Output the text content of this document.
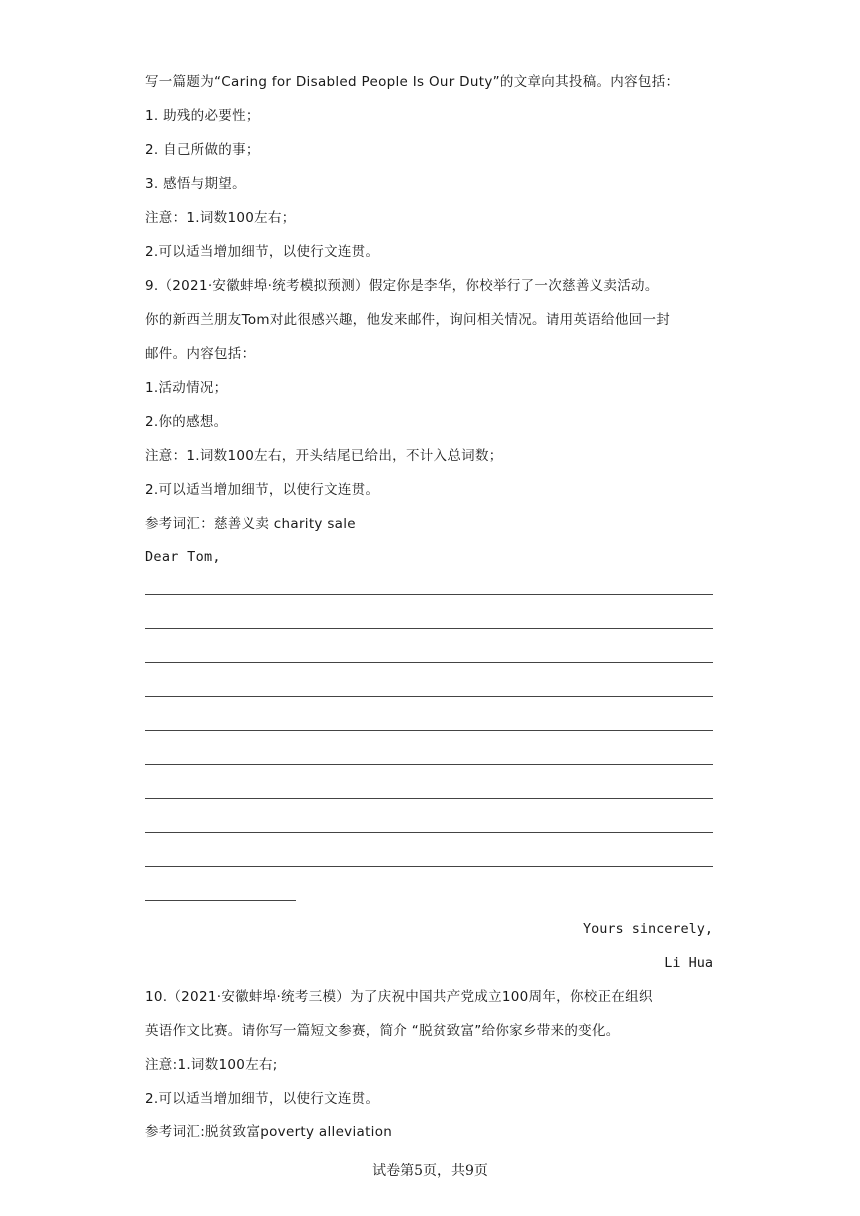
写一篇题为“Caring for Disabled People Is Our Duty”的文章向其投稿。内容包括：
1. 助残的必要性；
2. 自己所做的事；
3. 感悟与期望。
注意：1.词数100左右；
2.可以适当增加细节，以使行文连贯。
9.（2021·安徽蚌埠·统考模拟预测）假定你是李华，你校举行了一次慈善义卖活动。
你的新西兰朋友Tom对此很感兴趣，他发来邮件，询问相关情况。请用英语给他回一封
邮件。内容包括：
1.活动情况；
2.你的感想。
注意：1.词数100左右，开头结尾已给出，不计入总词数；
2.可以适当增加细节，以使行文连贯。
参考词汇：慈善义卖 charity sale
Dear Tom,
Yours sincerely,
Li Hua
10.（2021·安徽蚌埠·统考三模）为了庆祝中国共产党成立100周年，你校正在组织
英语作文比赛。请你写一篇短文参赛，简介 “脱贫致富”给你家乡带来的变化。
注意:1.词数100左右;
2.可以适当增加细节，以使行文连贯。
参考词汇:脱贫致富poverty alleviation
试卷第5页，共9页
